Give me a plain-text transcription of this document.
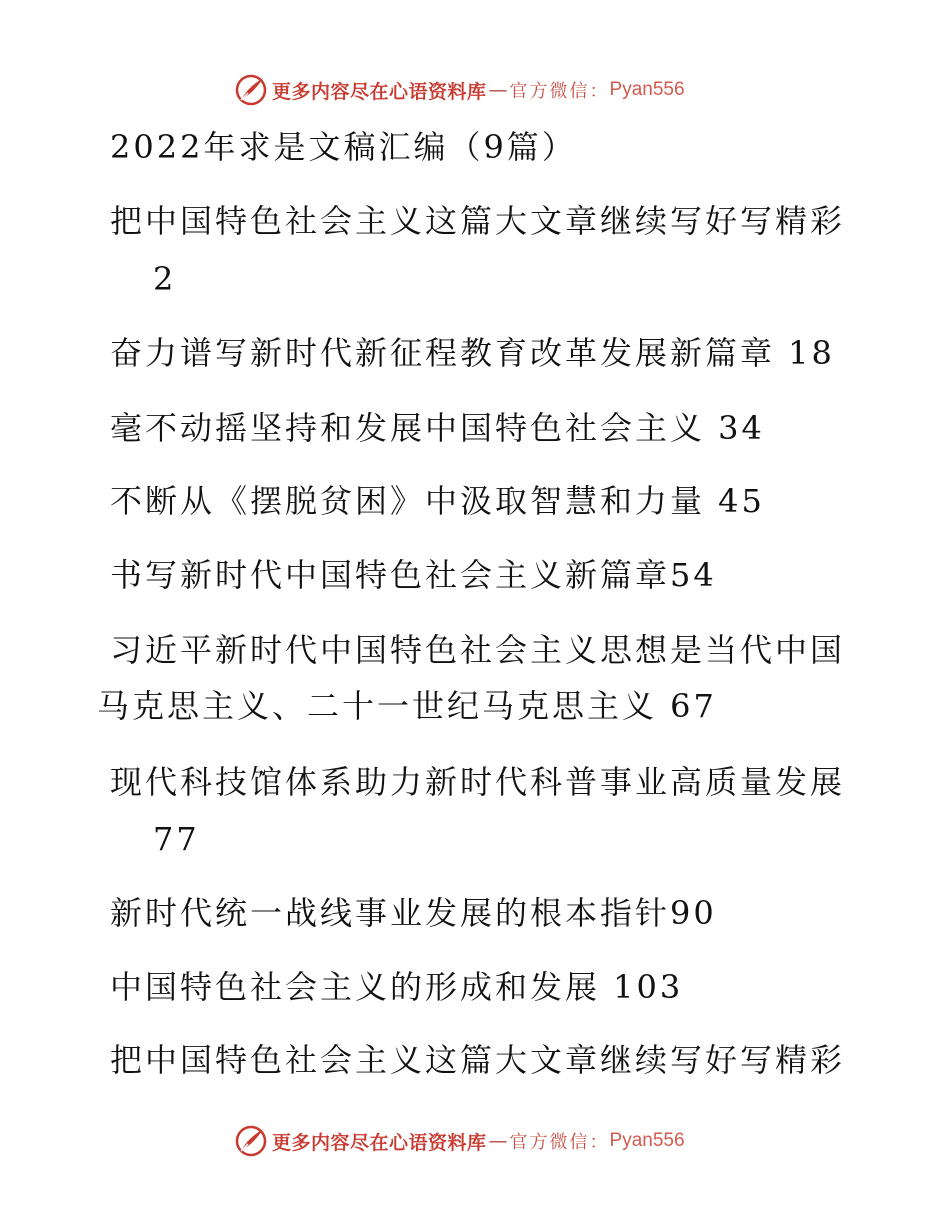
更多内容尽在心语资料库 — 官方微信： Pyan556
2022年求是文稿汇编（9篇）
把中国特色社会主义这篇大文章继续写好写精彩
2
奋力谱写新时代新征程教育改革发展新篇章 18
毫不动摇坚持和发展中国特色社会主义 34
不断从《摆脱贫困》中汲取智慧和力量 45
书写新时代中国特色社会主义新篇章54
习近平新时代中国特色社会主义思想是当代中国
马克思主义、二十一世纪马克思主义 67
现代科技馆体系助力新时代科普事业高质量发展
77
新时代统一战线事业发展的根本指针90
中国特色社会主义的形成和发展 103
把中国特色社会主义这篇大文章继续写好写精彩
更多内容尽在心语资料库 — 官方微信： Pyan556
